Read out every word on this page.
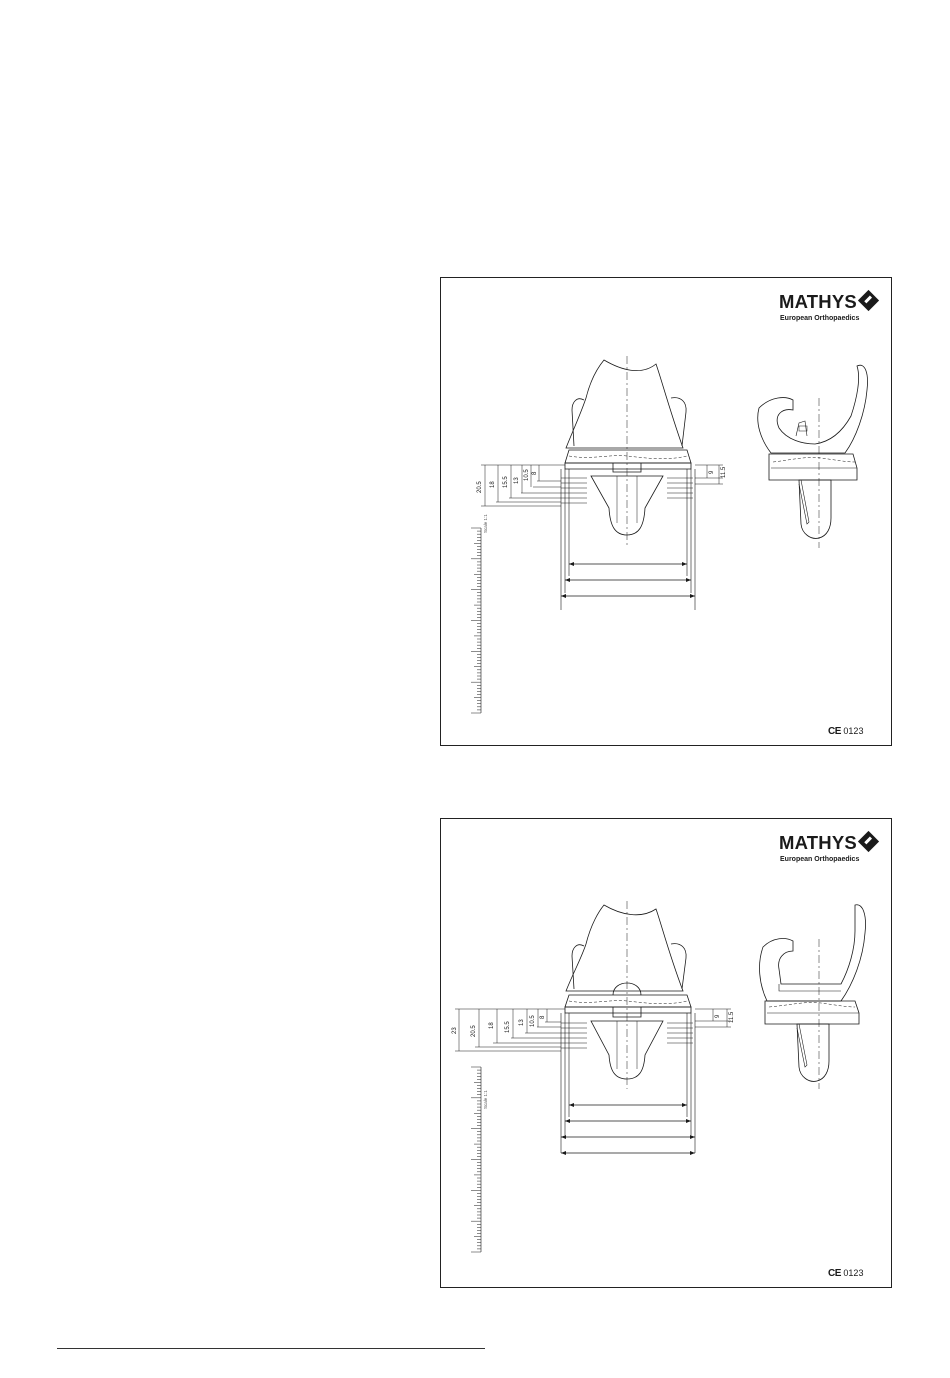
MATHYS
European Orthopaedics
Scale 1:1
20.5 18 15.5 13 10.5 8	9 11.5
CE 0123
MATHYS
European Orthopaedics
Scale 1:1
23 20.5 18 15.5 13 10.5 8	9 11.5
CE 0123
